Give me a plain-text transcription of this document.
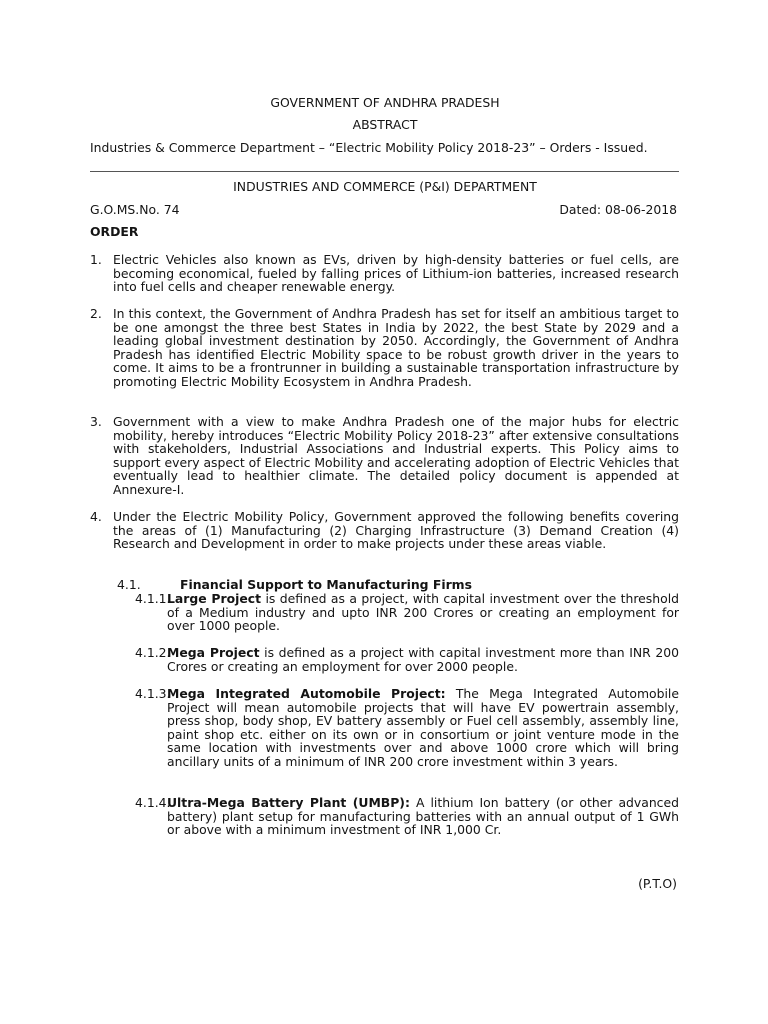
GOVERNMENT OF ANDHRA PRADESH
ABSTRACT
Industries & Commerce Department – “Electric Mobility Policy 2018-23” – Orders - Issued.
INDUSTRIES AND COMMERCE (P&I) DEPARTMENT
G.O.MS.No. 74	Dated: 08-06-2018
ORDER
1. Electric Vehicles also known as EVs, driven by high-density batteries or fuel cells, are becoming economical, fueled by falling prices of Lithium-ion batteries, increased research into fuel cells and cheaper renewable energy.
2. In this context, the Government of Andhra Pradesh has set for itself an ambitious target to be one amongst the three best States in India by 2022, the best State by 2029 and a leading global investment destination by 2050. Accordingly, the Government of Andhra Pradesh has identified Electric Mobility space to be robust growth driver in the years to come. It aims to be a frontrunner in building a sustainable transportation infrastructure by promoting Electric Mobility Ecosystem in Andhra Pradesh.
3. Government with a view to make Andhra Pradesh one of the major hubs for electric mobility, hereby introduces “Electric Mobility Policy 2018-23” after extensive consultations with stakeholders, Industrial Associations and Industrial experts. This Policy aims to support every aspect of Electric Mobility and accelerating adoption of Electric Vehicles that eventually lead to healthier climate. The detailed policy document is appended at Annexure-I.
4. Under the Electric Mobility Policy, Government approved the following benefits covering the areas of (1) Manufacturing (2) Charging Infrastructure (3) Demand Creation (4) Research and Development in order to make projects under these areas viable.
4.1.	Financial Support to Manufacturing Firms
4.1.1.
Large Project is defined as a project, with capital investment over the threshold of a Medium industry and upto INR 200 Crores or creating an employment for over 1000 people.
4.1.2.
Mega Project is defined as a project with capital investment more than INR 200 Crores or creating an employment for over 2000 people.
4.1.3.
Mega Integrated Automobile Project: The Mega Integrated Automobile Project will mean automobile projects that will have EV powertrain assembly, press shop, body shop, EV battery assembly or Fuel cell assembly, assembly line, paint shop etc. either on its own or in consortium or joint venture mode in the same location with investments over and above 1000 crore which will bring ancillary units of a minimum of INR 200 crore investment within 3 years.
4.1.4.
Ultra-Mega Battery Plant (UMBP): A lithium Ion battery (or other advanced battery) plant setup for manufacturing batteries with an annual output of 1 GWh or above with a minimum investment of INR 1,000 Cr.
(P.T.O)
